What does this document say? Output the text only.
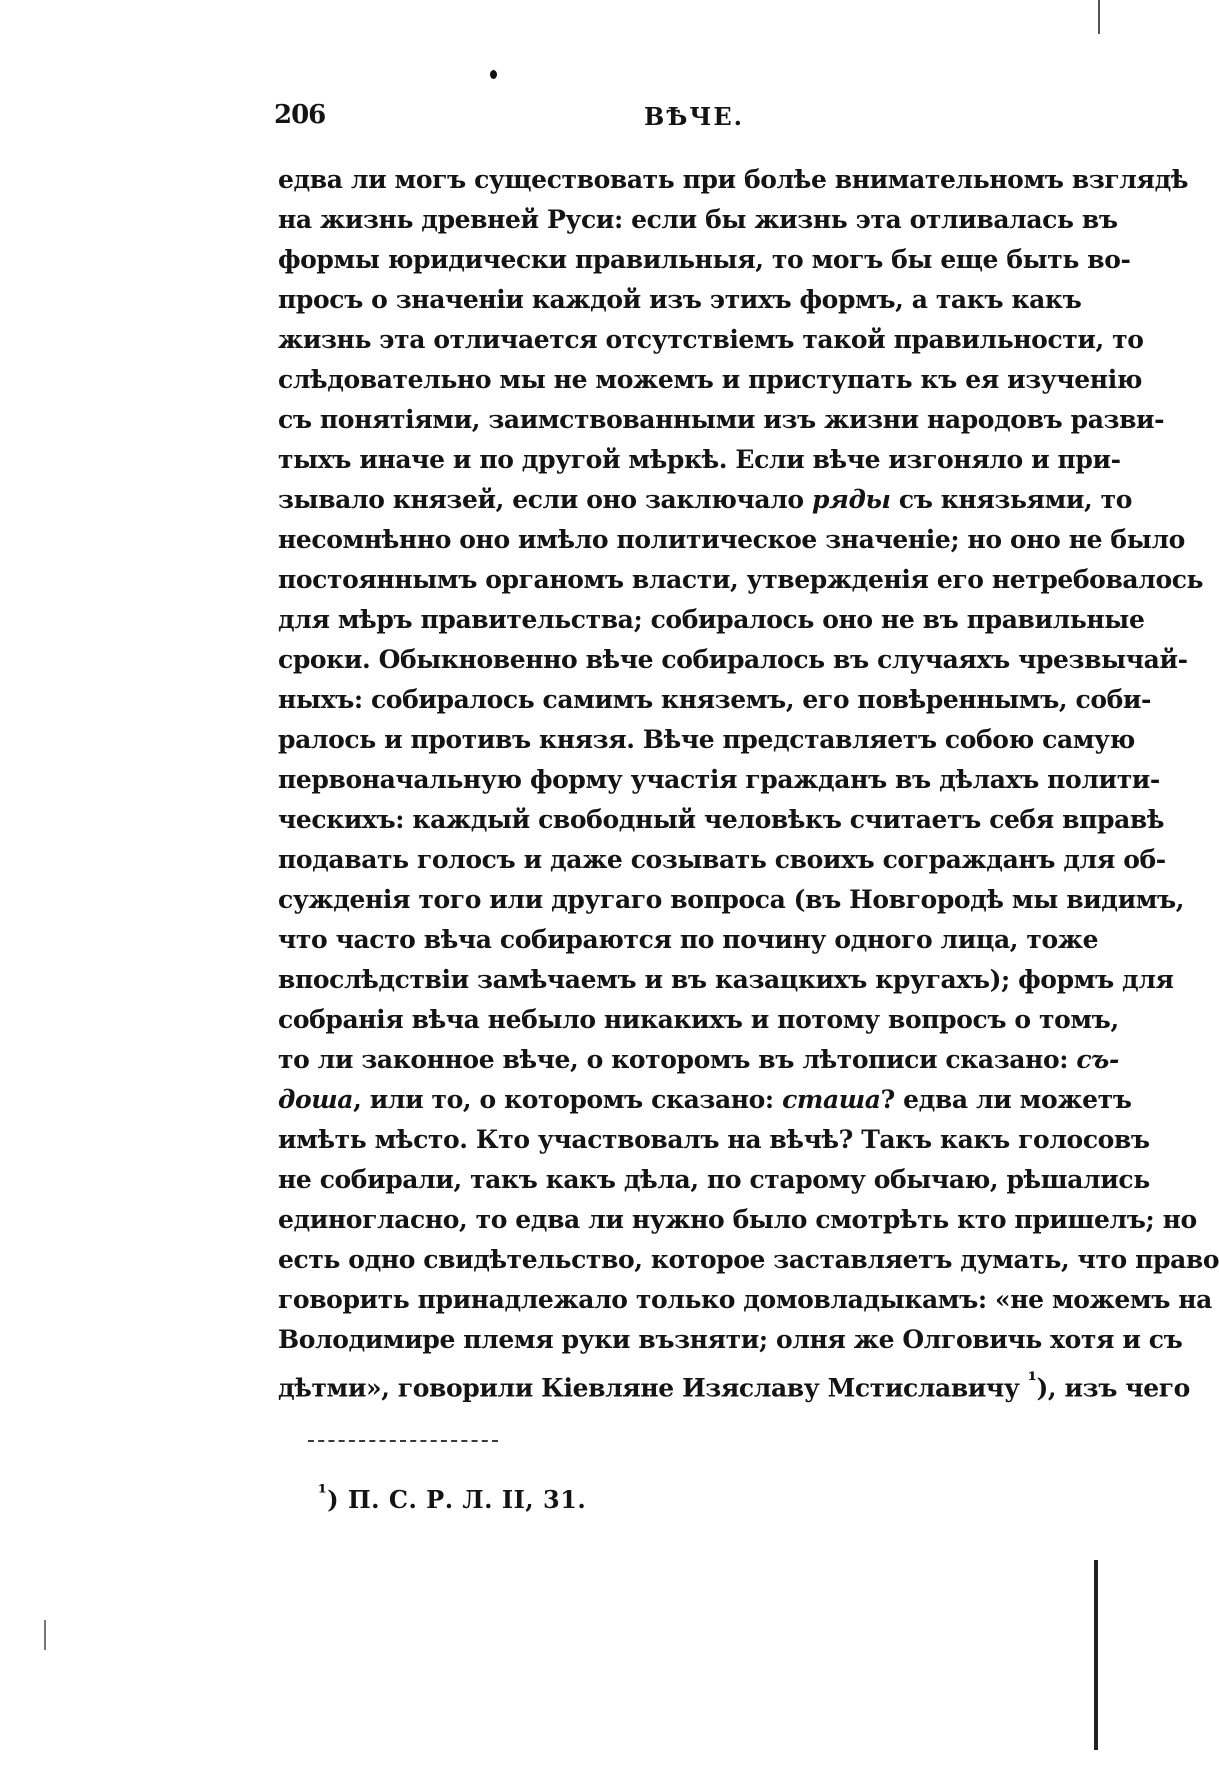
206	ВѢЧЕ.
едва ли могъ существовать при болѣе внимательномъ взглядѣ
на жизнь древней Руси: если бы жизнь эта отливалась въ
формы юридически правильныя, то могъ бы еще быть во-
просъ о значеніи каждой изъ этихъ формъ, а такъ какъ
жизнь эта отличается отсутствіемъ такой правильности, то
слѣдовательно мы не можемъ и приступать къ ея изученію
съ понятіями, заимствованными изъ жизни народовъ разви-
тыхъ иначе и по другой мѣркѣ. Если вѣче изгоняло и при-
зывало князей, если оно заключало ряды съ князьями, то
несомнѣнно оно имѣло политическое значеніе; но оно не было
постояннымъ органомъ власти, утвержденія его нетребовалось
для мѣръ правительства; собиралось оно не въ правильные
сроки. Обыкновенно вѣче собиралось въ случаяхъ чрезвычай-
ныхъ: собиралось самимъ княземъ, его повѣреннымъ, соби-
ралось и противъ князя. Вѣче представляетъ собою самую
первоначальную форму участія гражданъ въ дѣлахъ полити-
ческихъ: каждый свободный человѣкъ считаетъ себя вправѣ
подавать голосъ и даже созывать своихъ согражданъ для об-
сужденія того или другаго вопроса (въ Новгородѣ мы видимъ,
что часто вѣча собираются по почину одного лица, тоже
впослѣдствіи замѣчаемъ и въ казацкихъ кругахъ); формъ для
собранія вѣча небыло никакихъ и потому вопросъ о томъ,
то ли законное вѣче, о которомъ въ лѣтописи сказано: съ-
доша, или то, о которомъ сказано: сташа? едва ли можетъ
имѣть мѣсто. Кто участвовалъ на вѣчѣ? Такъ какъ голосовъ
не собирали, такъ какъ дѣла, по старому обычаю, рѣшались
единогласно, то едва ли нужно было смотрѣть кто пришелъ; но
есть одно свидѣтельство, которое заставляетъ думать, что право
говорить принадлежало только домовладыкамъ: «не можемъ на
Володимире племя руки възняти; олня же Олговичь хотя и съ
дѣтми», говорили Кіевляне Изяславу Мстиславичу $^{^1}$), изъ чего
$^{^1}$) П. С. Р. Л. II, 31.
